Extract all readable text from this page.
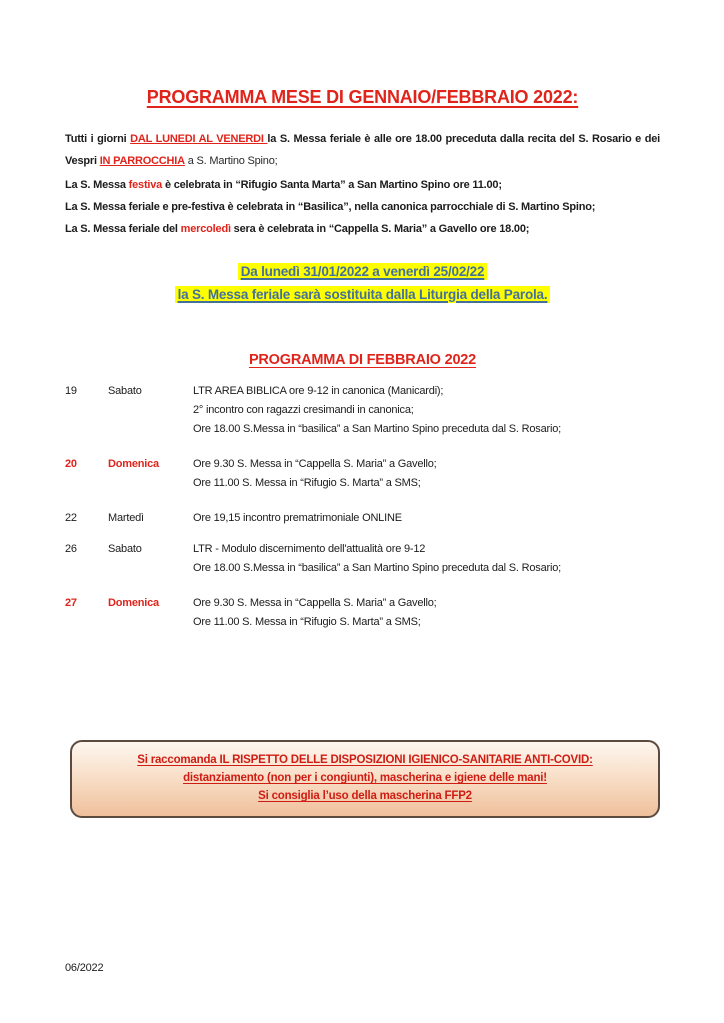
PROGRAMMA MESE DI GENNAIO/FEBBRAIO 2022:

Tutti i giorni DAL LUNEDI AL VENERDI la S. Messa feriale è alle ore 18.00 preceduta dalla recita del S. Rosario e dei Vespri IN PARROCCHIA a S. Martino Spino;

La S. Messa festiva è celebrata in “Rifugio Santa Marta” a San Martino Spino ore 11.00;
La S. Messa feriale e pre-festiva è celebrata in “Basilica”, nella canonica parrocchiale di S. Martino Spino;
La S. Messa feriale del mercoledì sera è celebrata in “Cappella S. Maria” a Gavello ore 18.00;
Da lunedì 31/01/2022 a venerdì 25/02/22
la S. Messa feriale sarà sostituita dalla Liturgia della Parola.
PROGRAMMA DI FEBBRAIO 2022
19	Sabato	LTR AREA BIBLICA ore 9-12 in canonica (Manicardi);
2° incontro con ragazzi cresimandi in canonica;
Ore 18.00 S.Messa in “basilica” a San Martino Spino preceduta dal S. Rosario;
20	Domenica	Ore 9.30 S. Messa in “Cappella S. Maria” a Gavello;
Ore 11.00 S. Messa in “Rifugio S. Marta” a SMS;
22	Martedì	Ore 19,15 incontro prematrimoniale ONLINE
26	Sabato	LTR - Modulo discernimento dell'attualità ore 9-12
Ore 18.00 S.Messa in “basilica” a San Martino Spino preceduta dal S. Rosario;
27	Domenica	Ore 9.30 S. Messa in “Cappella S. Maria” a Gavello;
Ore 11.00 S. Messa in “Rifugio S. Marta” a SMS;
Si raccomanda IL RISPETTO DELLE DISPOSIZIONI IGIENICO-SANITARIE ANTI-COVID:
distanziamento (non per i congiunti), mascherina e igiene delle mani!
Si consiglia l’uso della mascherina FFP2
06/2022
